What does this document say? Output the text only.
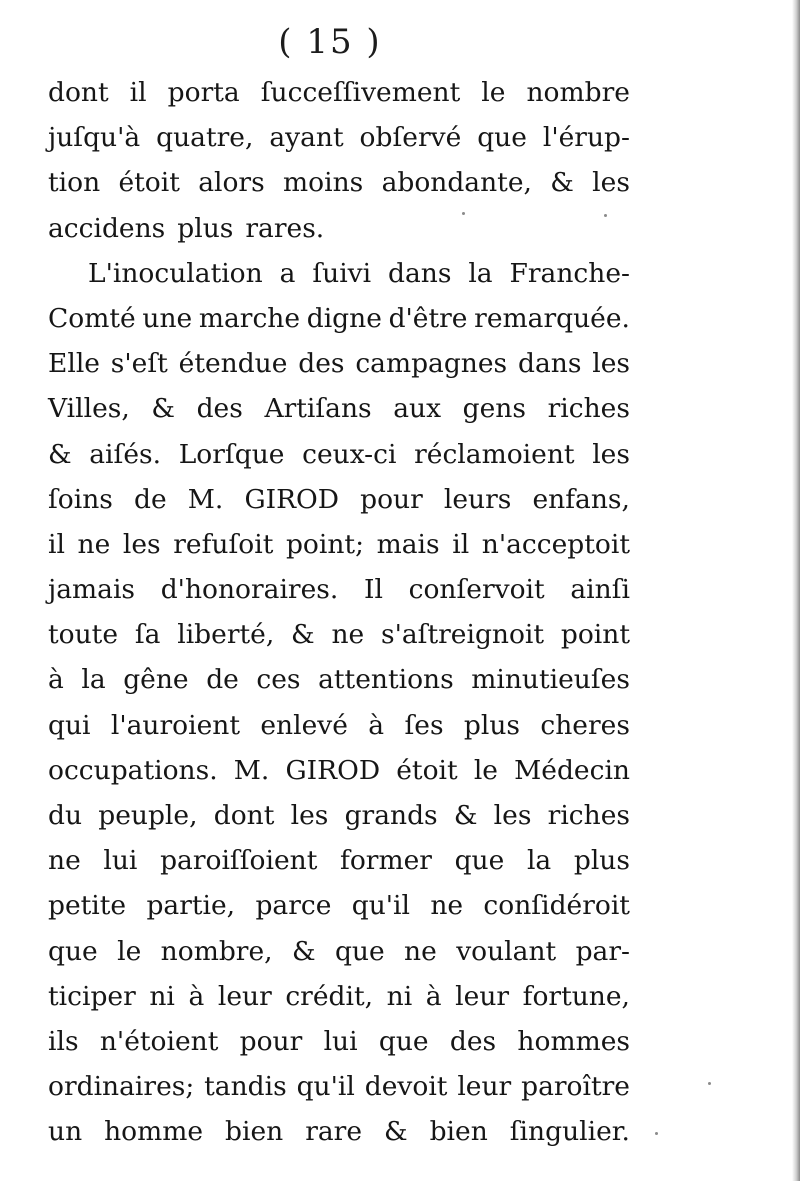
( 15 )
dont il porta ſucceſſivement le nombre
juſqu'à quatre, ayant obſervé que l'érup-
tion étoit alors moins abondante, & les
accidens plus rares.
L'inoculation a ſuivi dans la Franche-
Comté une marche digne d'être remarquée.
Elle s'eſt étendue des campagnes dans les
Villes, & des Artiſans aux gens riches
& aiſés. Lorſque ceux-ci réclamoient les
ſoins de M. GIROD pour leurs enfans,
il ne les refuſoit point; mais il n'acceptoit
jamais d'honoraires. Il conſervoit ainſi
toute ſa liberté, & ne s'aſtreignoit point
à la gêne de ces attentions minutieuſes
qui l'auroient enlevé à ſes plus cheres
occupations. M. GIROD étoit le Médecin
du peuple, dont les grands & les riches
ne lui paroiſſoient former que la plus
petite partie, parce qu'il ne conſidéroit
que le nombre, & que ne voulant par-
ticiper ni à leur crédit, ni à leur fortune,
ils n'étoient pour lui que des hommes
ordinaires; tandis qu'il devoit leur paroître
un homme bien rare & bien ſingulier.
